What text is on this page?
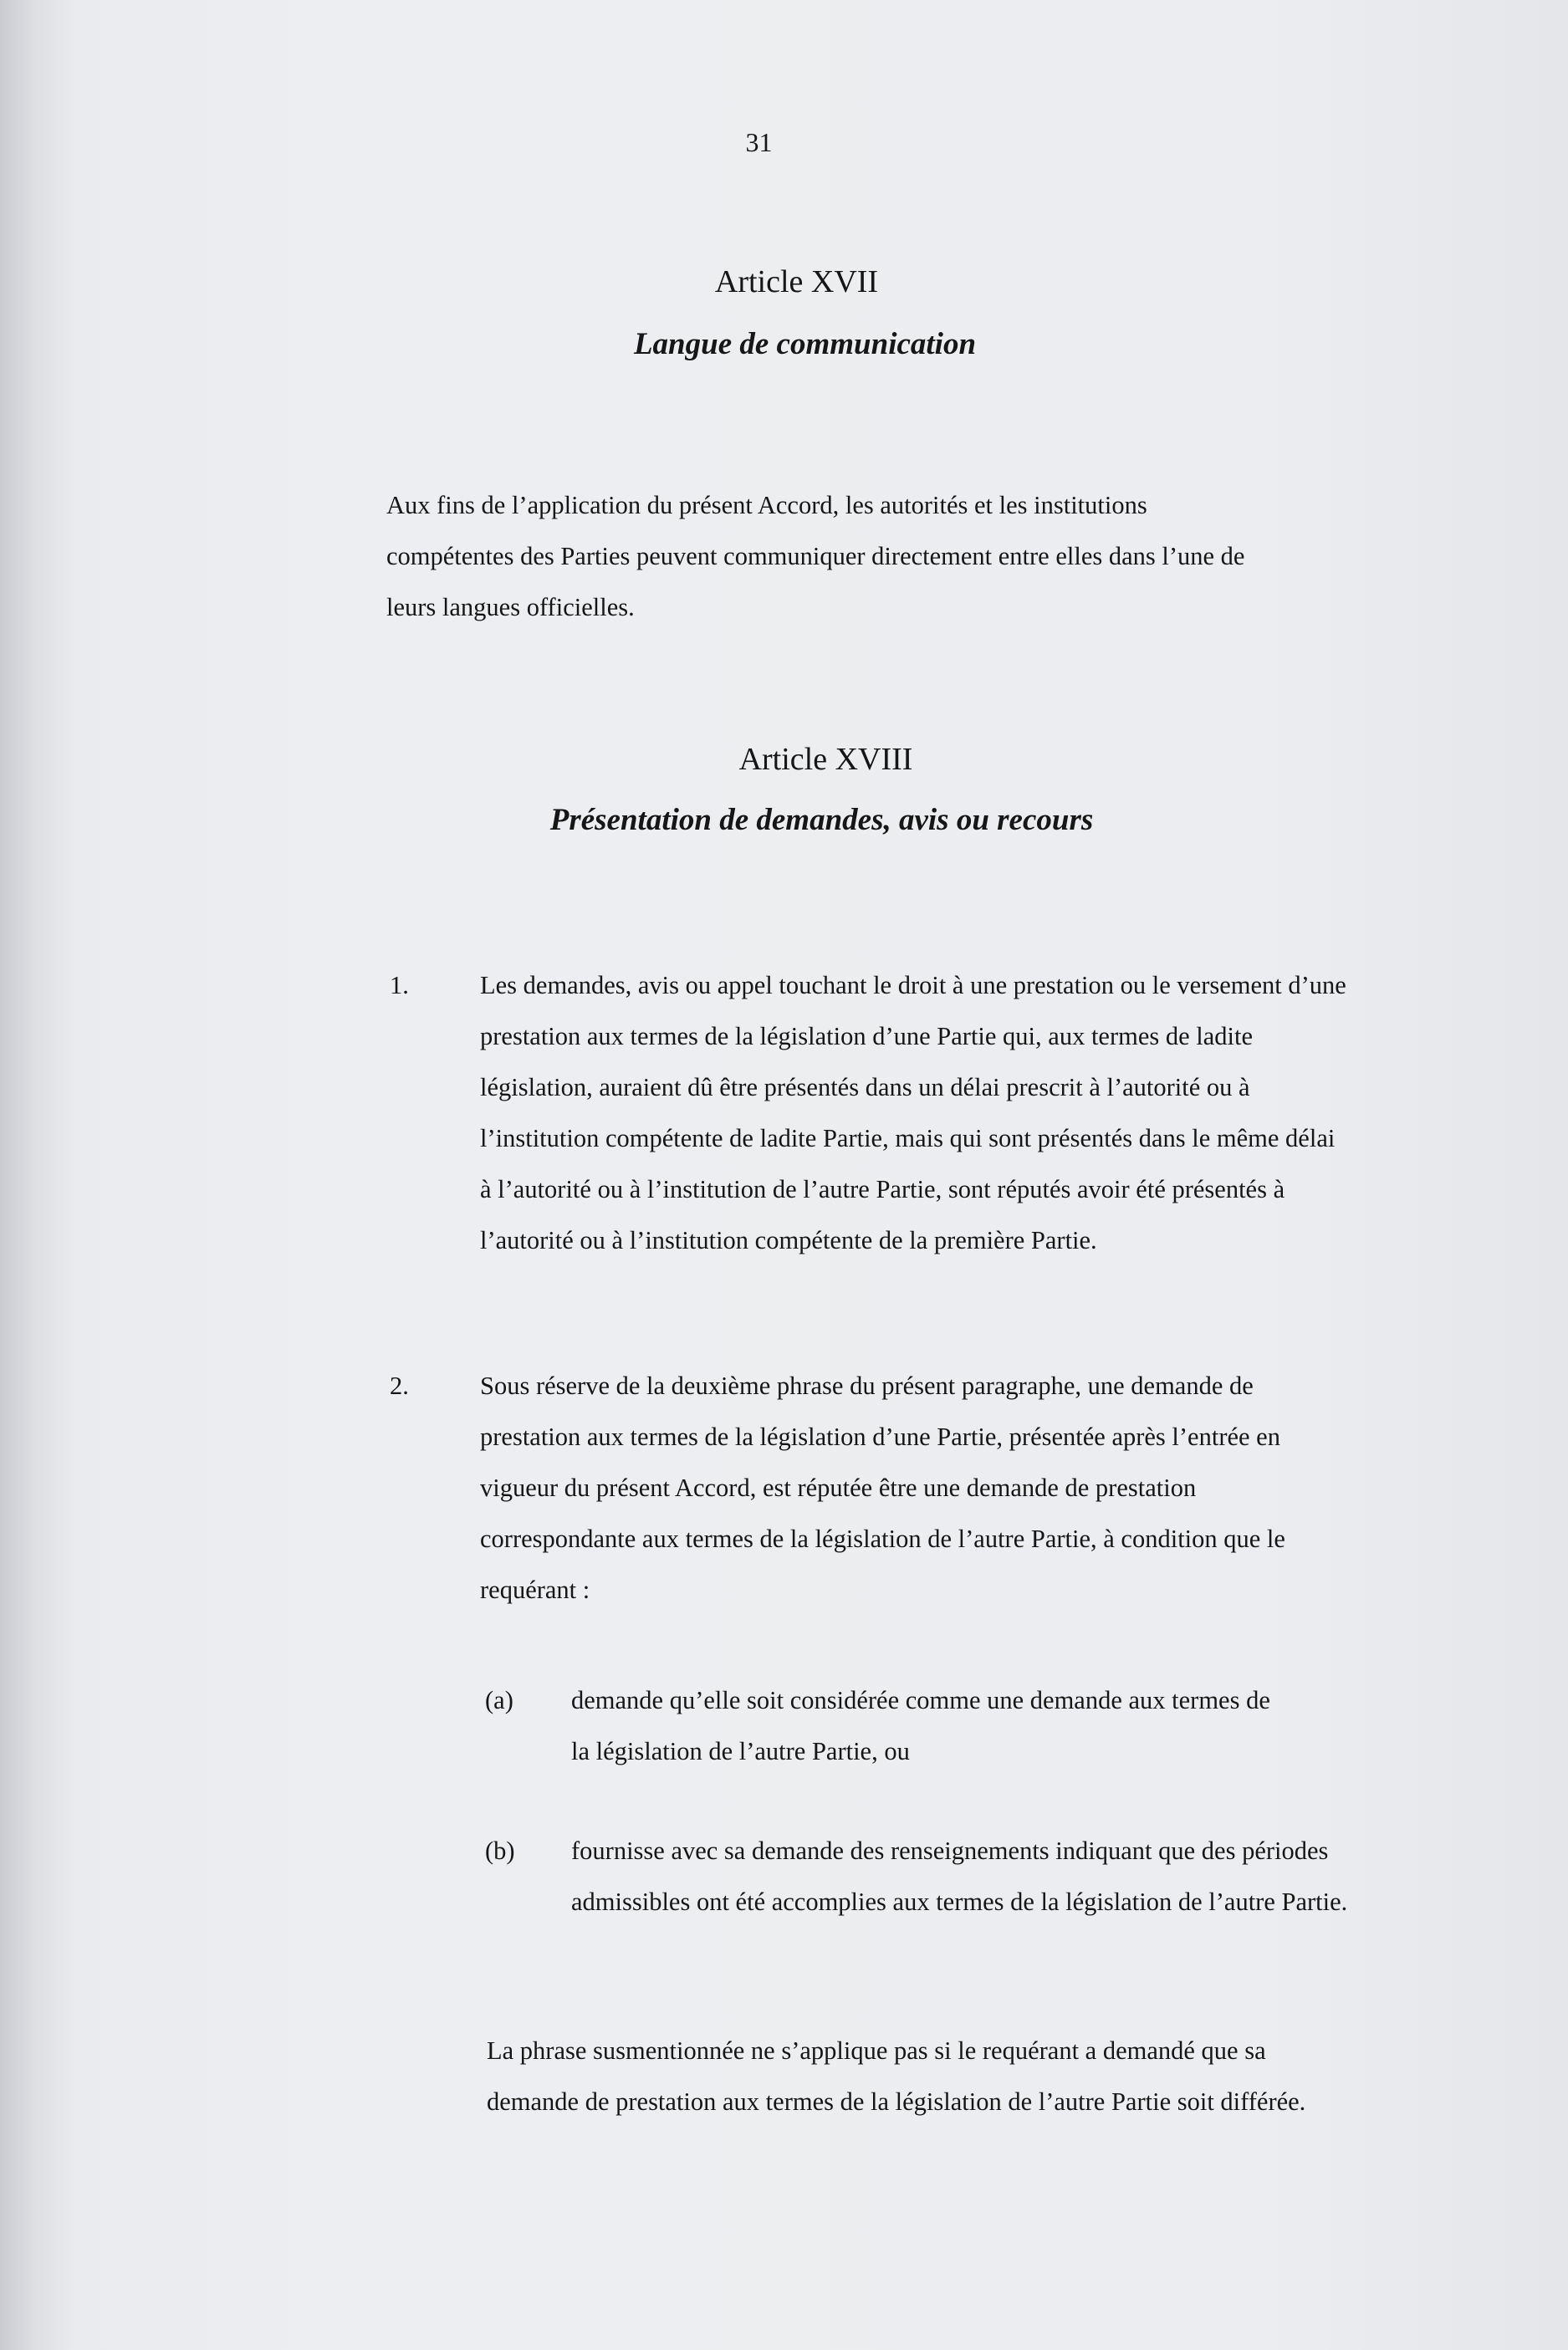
31
Article XVII
Langue de communication

Aux fins de l’application du présent Accord, les autorités et les institutions compétentes des Parties peuvent communiquer directement entre elles dans l’une de leurs langues officielles.

Article XVIII
Présentation de demandes, avis ou recours
1.	Les demandes, avis ou appel touchant le droit à une prestation ou le versement d’une prestation aux termes de la législation d’une Partie qui, aux termes de ladite législation, auraient dû être présentés dans un délai prescrit à l’autorité ou à l’institution compétente de ladite Partie, mais qui sont présentés dans le même délai à l’autorité ou à l’institution de l’autre Partie, sont réputés avoir été présentés à l’autorité ou à l’institution compétente de la première Partie.

2.	Sous réserve de la deuxième phrase du présent paragraphe, une demande de prestation aux termes de la législation d’une Partie, présentée après l’entrée en vigueur du présent Accord, est réputée être une demande de prestation correspondante aux termes de la législation de l’autre Partie, à condition que le requérant :

(a) demande qu’elle soit considérée comme une demande aux termes de la législation de l’autre Partie, ou

(b) fournisse avec sa demande des renseignements indiquant que des périodes admissibles ont été accomplies aux termes de la législation de l’autre Partie.

La phrase susmentionnée ne s’applique pas si le requérant a demandé que sa demande de prestation aux termes de la législation de l’autre Partie soit différée.
